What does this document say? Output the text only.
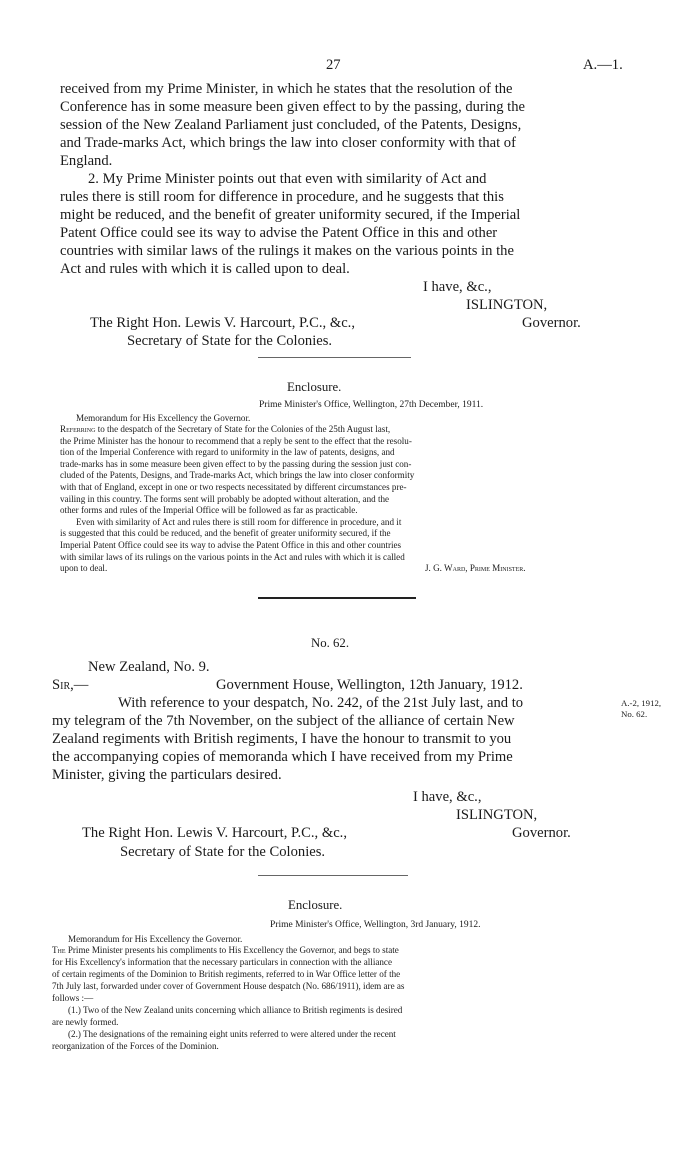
27	A.—1.
received from my Prime Minister, in which he states that the resolution of the
Conference has in some measure been given effect to by the passing, during the
session of the New Zealand Parliament just concluded, of the Patents, Designs,
and Trade-marks Act, which brings the law into closer conformity with that of
England.
2. My Prime Minister points out that even with similarity of Act and
rules there is still room for difference in procedure, and he suggests that this
might be reduced, and the benefit of greater uniformity secured, if the Imperial
Patent Office could see its way to advise the Patent Office in this and other
countries with similar laws of the rulings it makes on the various points in the
Act and rules with which it is called upon to deal.
I have, &c.,
ISLINGTON,
Governor.
The Right Hon. Lewis V. Harcourt, P.C., &c.,
Secretary of State for the Colonies.
Enclosure.
Prime Minister's Office, Wellington, 27th December, 1911.
Memorandum for His Excellency the Governor.
Referring to the despatch of the Secretary of State for the Colonies of the 25th August last,
the Prime Minister has the honour to recommend that a reply be sent to the effect that the resolu-
tion of the Imperial Conference with regard to uniformity in the law of patents, designs, and
trade-marks has in some measure been given effect to by the passing during the session just con-
cluded of the Patents, Designs, and Trade-marks Act, which brings the law into closer conformity
with that of England, except in one or two respects necessitated by different circumstances pre-
vailing in this country. The forms sent will probably be adopted without alteration, and the
other forms and rules of the Imperial Office will be followed as far as practicable.
Even with similarity of Act and rules there is still room for difference in procedure, and it
is suggested that this could be reduced, and the benefit of greater uniformity secured, if the
Imperial Patent Office could see its way to advise the Patent Office in this and other countries
with similar laws of its rulings on the various points in the Act and rules with which it is called
upon to deal.	J. G. Ward, Prime Minister.
No. 62.
New Zealand, No. 9.
Sir,—	Government House, Wellington, 12th January, 1912.
With reference to your despatch, No. 242, of the 21st July last, and to
my telegram of the 7th November, on the subject of the alliance of certain New
Zealand regiments with British regiments, I have the honour to transmit to you
the accompanying copies of memoranda which I have received from my Prime
Minister, giving the particulars desired.
A.-2, 1912,
No. 62.
I have, &c.,
ISLINGTON,
Governor.
The Right Hon. Lewis V. Harcourt, P.C., &c.,
Secretary of State for the Colonies.
Enclosure.
Prime Minister's Office, Wellington, 3rd January, 1912.
Memorandum for His Excellency the Governor.
The Prime Minister presents his compliments to His Excellency the Governor, and begs to state
for His Excellency's information that the necessary particulars in connection with the alliance
of certain regiments of the Dominion to British regiments, referred to in War Office letter of the
7th July last, forwarded under cover of Government House despatch (No. 686/1911), idem are as
follows :—
(1.) Two of the New Zealand units concerning which alliance to British regiments is desired
are newly formed.
(2.) The designations of the remaining eight units referred to were altered under the recent
reorganization of the Forces of the Dominion.
